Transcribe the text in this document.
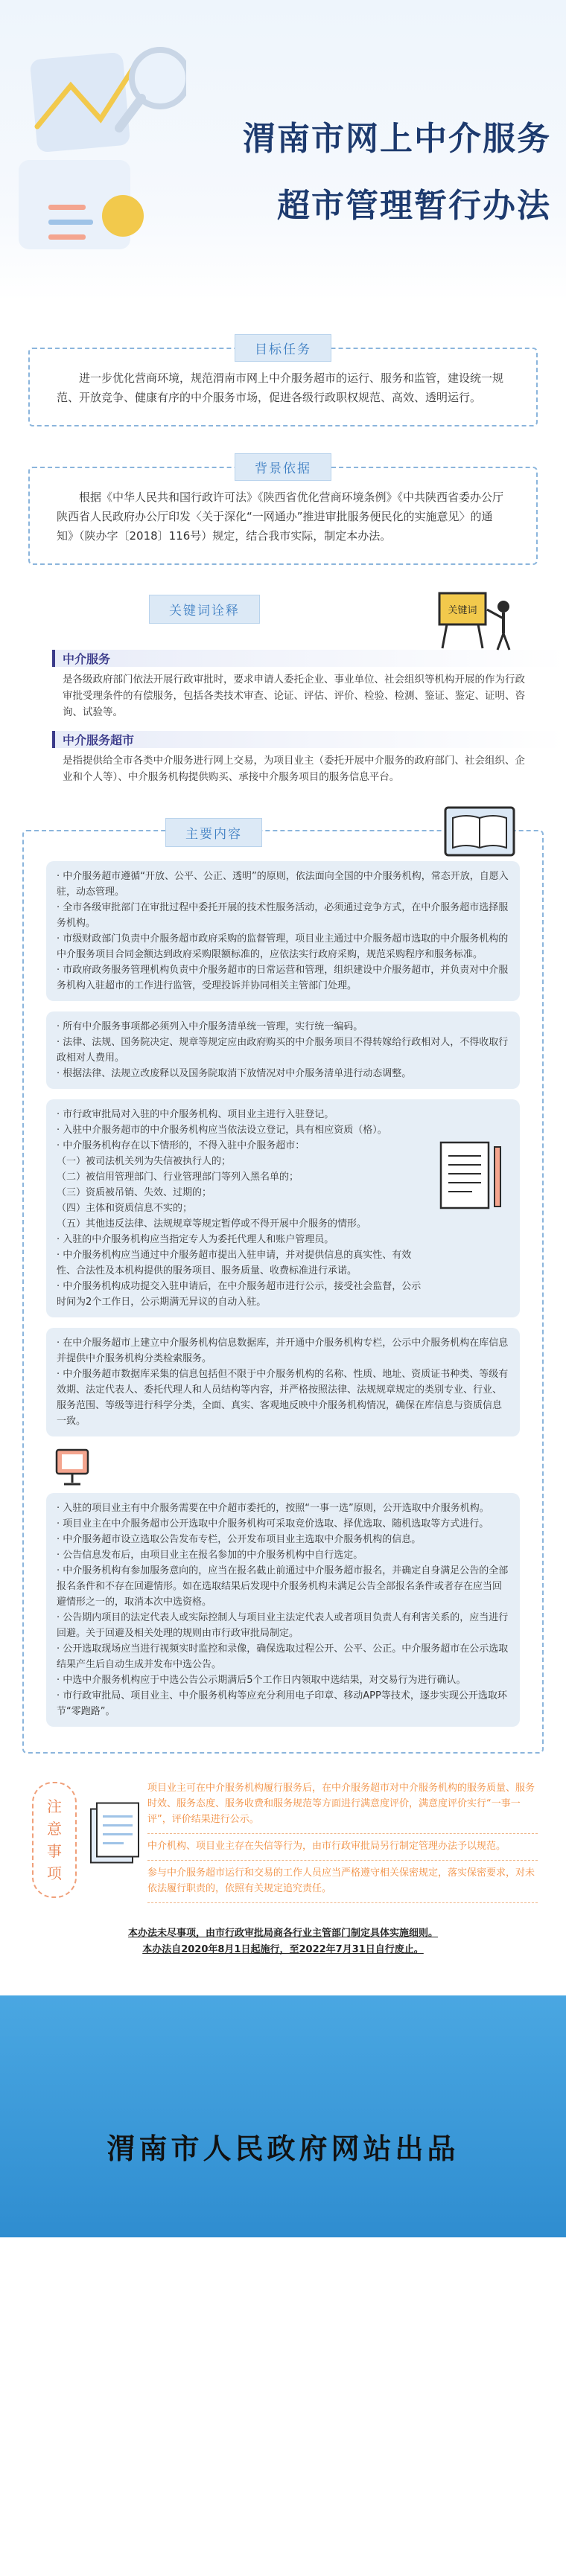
渭南市网上中介服务
超市管理暂行办法
目标任务

进一步优化营商环境，规范渭南市网上中介服务超市的运行、服务和监管，建设统一规范、开放竞争、健康有序的中介服务市场，促进各级行政职权规范、高效、透明运行。

背景依据

根据《中华人民共和国行政许可法》《陕西省优化营商环境条例》《中共陕西省委办公厅陕西省人民政府办公厅印发〈关于深化“一网通办”推进审批服务便民化的实施意见〉的通知》（陕办字〔2018〕116号）规定，结合我市实际，制定本办法。

关键词诠释	关键词
中介服务
是各级政府部门依法开展行政审批时，要求申请人委托企业、事业单位、社会组织等机构开展的作为行政审批受理条件的有偿服务，包括各类技术审查、论证、评估、评价、检验、检测、鉴证、鉴定、证明、咨询、试验等。
中介服务超市
是指提供给全市各类中介服务进行网上交易，为项目业主（委托开展中介服务的政府部门、社会组织、企业和个人等）、中介服务机构提供购买、承接中介服务项目的服务信息平台。
主要内容
· 中介服务超市遵循“开放、公平、公正、透明”的原则，依法面向全国的中介服务机构，常态开放，自愿入驻，动态管理。
· 全市各级审批部门在审批过程中委托开展的技术性服务活动，必须通过竞争方式，在中介服务超市选择服务机构。
· 市级财政部门负责中介服务超市政府采购的监督管理，项目业主通过中介服务超市选取的中介服务机构的中介服务项目合同金额达到政府采购限额标准的，应依法实行政府采购，规范采购程序和服务标准。
· 市政府政务服务管理机构负责中介服务超市的日常运营和管理，组织建设中介服务超市，并负责对中介服务机构入驻超市的工作进行监管，受理投诉并协同相关主管部门处理。
· 所有中介服务事项都必须列入中介服务清单统一管理，实行统一编码。
· 法律、法规、国务院决定、规章等规定应由政府购买的中介服务项目不得转嫁给行政相对人，不得收取行政相对人费用。
· 根据法律、法规立改废释以及国务院取消下放情况对中介服务清单进行动态调整。
· 市行政审批局对入驻的中介服务机构、项目业主进行入驻登记。
· 入驻中介服务超市的中介服务机构应当依法设立登记，具有相应资质（格）。
· 中介服务机构存在以下情形的，不得入驻中介服务超市：
（一）被司法机关列为失信被执行人的；
（二）被信用管理部门、行业管理部门等列入黑名单的；
（三）资质被吊销、失效、过期的；
（四）主体和资质信息不实的；
（五）其他违反法律、法规规章等规定暂停或不得开展中介服务的情形。
· 入驻的中介服务机构应当指定专人为委托代理人和账户管理员。
· 中介服务机构应当通过中介服务超市提出入驻申请，并对提供信息的真实性、有效性、合法性及本机构提供的服务项目、服务质量、收费标准进行承诺。
· 中介服务机构成功提交入驻申请后，在中介服务超市进行公示，接受社会监督，公示时间为2个工作日，公示期满无异议的自动入驻。
· 在中介服务超市上建立中介服务机构信息数据库，并开通中介服务机构专栏，公示中介服务机构在库信息并提供中介服务机构分类检索服务。
· 中介服务超市数据库采集的信息包括但不限于中介服务机构的名称、性质、地址、资质证书种类、等级有效期、法定代表人、委托代理人和人员结构等内容，并严格按照法律、法规规章规定的类别专业、行业、服务范围、等级等进行科学分类，全面、真实、客观地反映中介服务机构情况，确保在库信息与资质信息一致。
· 入驻的项目业主有中介服务需要在中介超市委托的，按照“一事一选”原则，公开选取中介服务机构。
· 项目业主在中介服务超市公开选取中介服务机构可采取竞价选取、择优选取、随机选取等方式进行。
· 中介服务超市设立选取公告发布专栏，公开发布项目业主选取中介服务机构的信息。
· 公告信息发布后，由项目业主在报名参加的中介服务机构中自行选定。
· 中介服务机构有参加服务意向的，应当在报名截止前通过中介服务超市报名，并确定自身满足公告的全部报名条件和不存在回避情形。如在选取结果后发现中介服务机构未满足公告全部报名条件或者存在应当回避情形之一的，取消本次中选资格。
· 公告期内项目的法定代表人或实际控制人与项目业主法定代表人或者项目负责人有利害关系的，应当进行回避。关于回避及相关处理的规则由市行政审批局制定。
· 公开选取现场应当进行视频实时监控和录像，确保选取过程公开、公平、公正。中介服务超市在公示选取结果产生后自动生成并发布中选公告。
· 中选中介服务机构应于中选公告公示期满后5个工作日内领取中选结果，对交易行为进行确认。
· 市行政审批局、项目业主、中介服务机构等应充分利用电子印章、移动APP等技术，逐步实现公开选取环节“零跑路”。
注
意
事
项
项目业主可在中介服务机构履行服务后，在中介服务超市对中介服务机构的服务质量、服务时效、服务态度、服务收费和服务规范等方面进行满意度评价，满意度评价实行“一事一评”，评价结果进行公示。
中介机构、项目业主存在失信等行为，由市行政审批局另行制定管理办法予以规范。
参与中介服务超市运行和交易的工作人员应当严格遵守相关保密规定，落实保密要求，对未依法履行职责的，依照有关规定追究责任。
本办法未尽事项，由市行政审批局商各行业主管部门制定具体实施细则。
本办法自2020年8月1日起施行，至2022年7月31日自行废止。
渭南市人民政府网站出品
